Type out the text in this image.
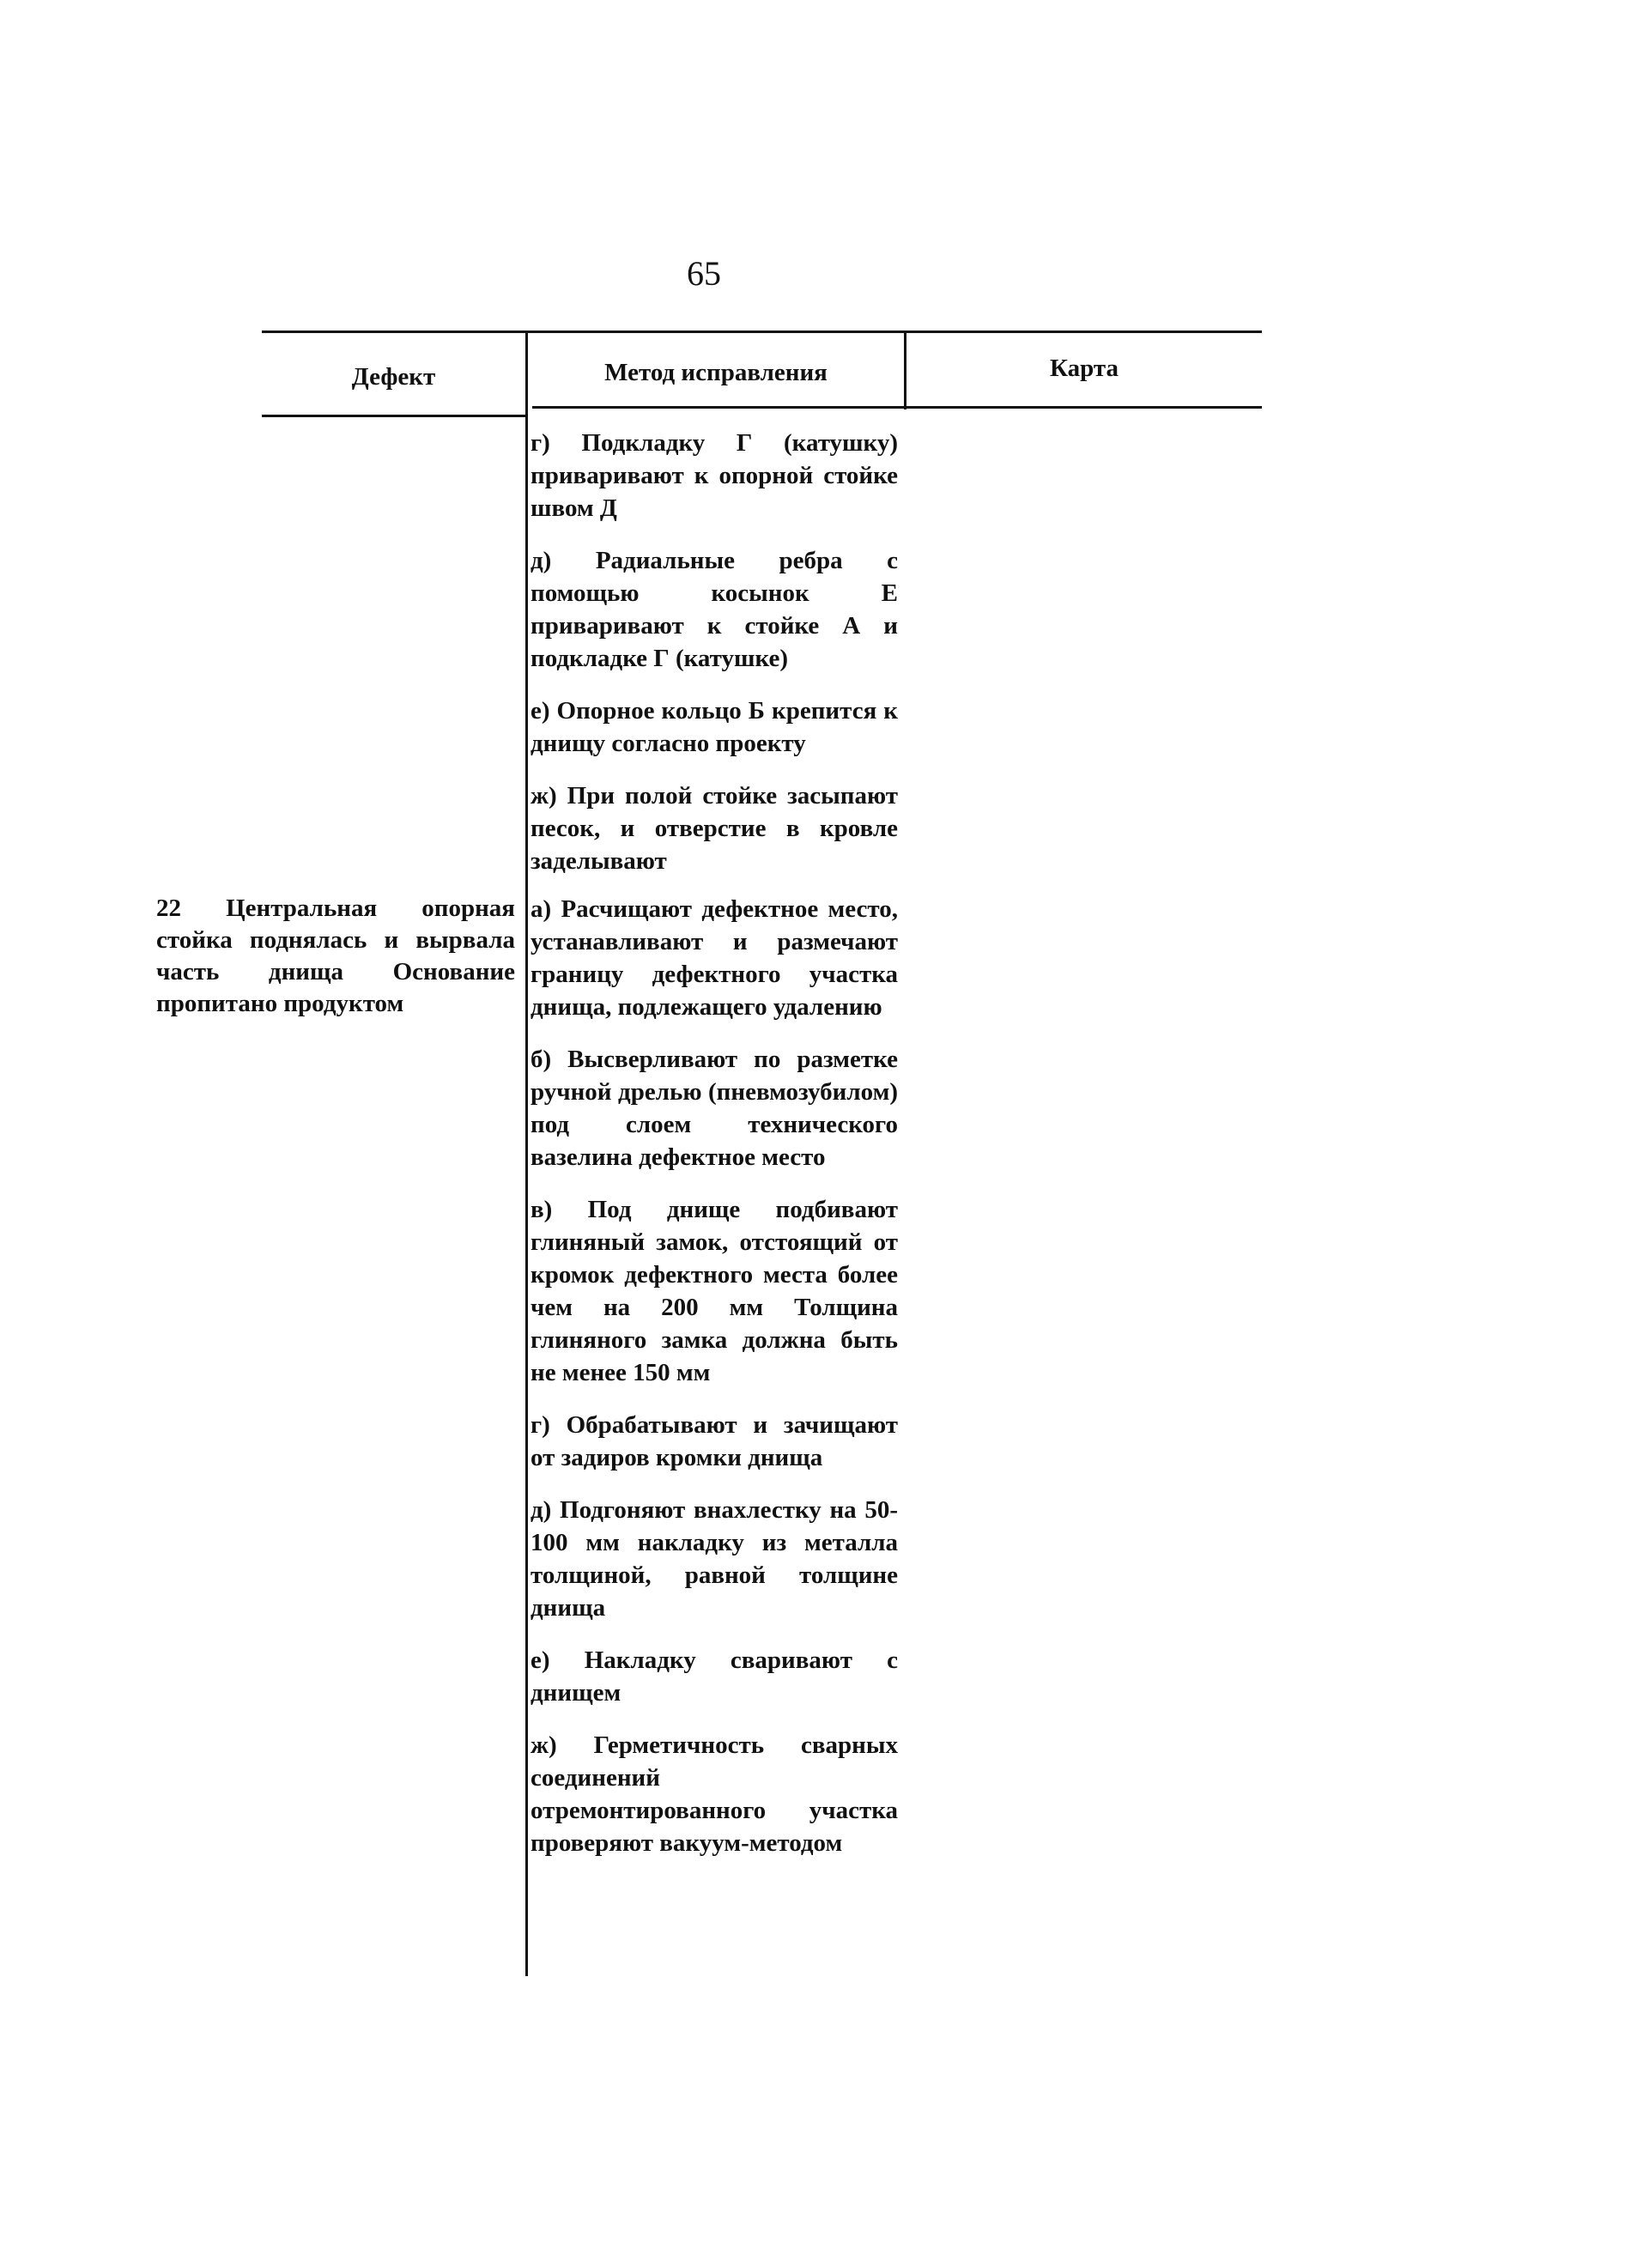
65
Дефект	Метод исправления	Карта
г) Подкладку Г (катушку) приваривают к опорной стойке швом Д
д) Радиальные ребра с помощью косынок Е приваривают к стойке А и подкладке Г (катушке)
е) Опорное кольцо Б крепится к днищу согласно проекту
ж) При полой стойке засыпают песок, и отверстие в кровле заделывают
22 Центральная опорная стойка поднялась и вырвала часть днища Основание пропитано продуктом
а) Расчищают дефектное место, устанавливают и размечают границу дефектного участка днища, подлежащего удалению
б) Высверливают по разметке ручной дрелью (пневмозубилом) под слоем технического вазелина дефектное место
в) Под днище подбивают глиняный замок, отстоящий от кромок дефектного места более чем на 200 мм Толщина глиняного замка должна быть не менее 150 мм
г) Обрабатывают и зачищают от задиров кромки днища
д) Подгоняют внахлестку на 50-100 мм накладку из металла толщиной, равной толщине днища
е) Накладку сваривают с днищем
ж) Герметичность сварных соединений отремонтированного участка проверяют вакуум-методом
